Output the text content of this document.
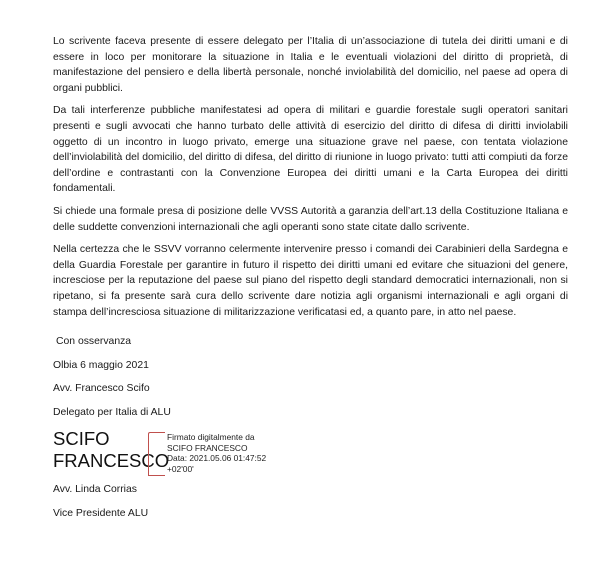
Lo scrivente faceva presente di essere delegato per l’Italia di un’associazione di tutela dei diritti umani e di essere in loco per monitorare la situazione in Italia e le eventuali violazioni del diritto di proprietà, di manifestazione del pensiero e della libertà personale, nonché inviolabilità del domicilio, nel paese ad opera di organi pubblici.

Da tali interferenze pubbliche manifestatesi ad opera di militari e guardie forestale sugli operatori sanitari presenti e sugli avvocati che hanno turbato delle attività di esercizio del diritto di difesa di diritti inviolabili oggetto di un incontro in luogo privato, emerge una situazione grave nel paese, con tentata violazione dell’inviolabilità del domicilio, del diritto di difesa, del diritto di riunione in luogo privato: tutti atti compiuti da forze dell’ordine e contrastanti con la Convenzione Europea dei diritti umani e la Carta Europea dei diritti fondamentali.

Si chiede una formale presa di posizione delle VVSS Autorità a garanzia dell’art.13 della Costituzione Italiana e delle suddette convenzioni internazionali che agli operanti sono state citate dallo scrivente.

Nella certezza che le SSVV vorranno celermente intervenire presso i comandi dei Carabinieri della Sardegna e della Guardia Forestale per garantire in futuro il rispetto dei diritti umani ed evitare che situazioni del genere, incresciose per la reputazione del paese sul piano del rispetto degli standard democratici internazionali, non si ripetano, si fa presente sarà cura dello scrivente dare notizia agli organismi internazionali e agli organi di stampa dell’incresciosa situazione di militarizzazione verificatasi ed, a quanto pare, in atto nel paese.

Con osservanza

Olbia 6 maggio 2021

Avv. Francesco Scifo

Delegato per Italia di ALU

SCIFO
FRANCESCO
Firmato digitalmente da
SCIFO FRANCESCO
Data: 2021.05.06 01:47:52
+02'00'

Avv. Linda Corrias

Vice Presidente ALU
